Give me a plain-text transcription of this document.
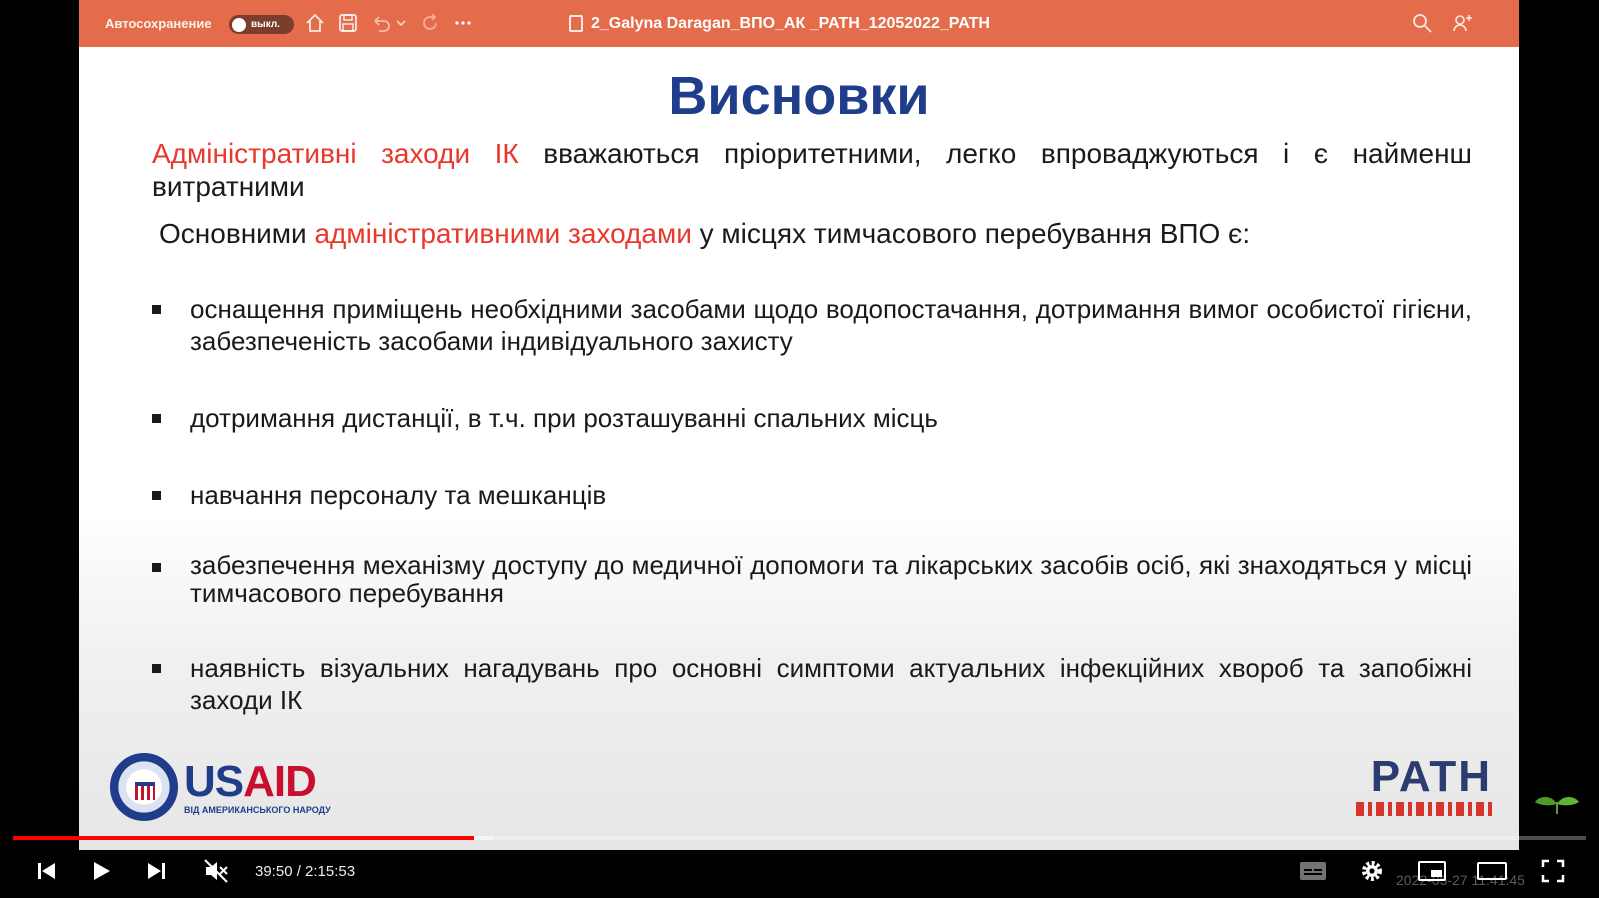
Автосохранение	выкл.	2_Galyna Daragan_ВПО_АК _PATH_12052022_PATH
Висновки
Адміністративні заходи ІК вважаються пріоритетними, легко впроваджуються і є найменш витратними
Основними адміністративними заходами у місцях тимчасового перебування ВПО є:
оснащення приміщень необхідними засобами щодо водопостачання, дотримання вимог особистої гігієни, забезпеченість засобами індивідуального захисту
дотримання дистанції, в т.ч. при розташуванні спальних місць
навчання персоналу та мешканців
забезпечення механізму доступу до медичної допомоги та лікарських засобів осіб, які знаходяться у місці тимчасового перебування
наявність візуальних нагадувань про основні симптоми актуальних інфекційних хвороб та запобіжні заходи ІК
USAID
ВІД АМЕРИКАНСЬКОГО НАРОДУ
PATH
39:50 / 2:15:53	2022-05-27 11:41:45
